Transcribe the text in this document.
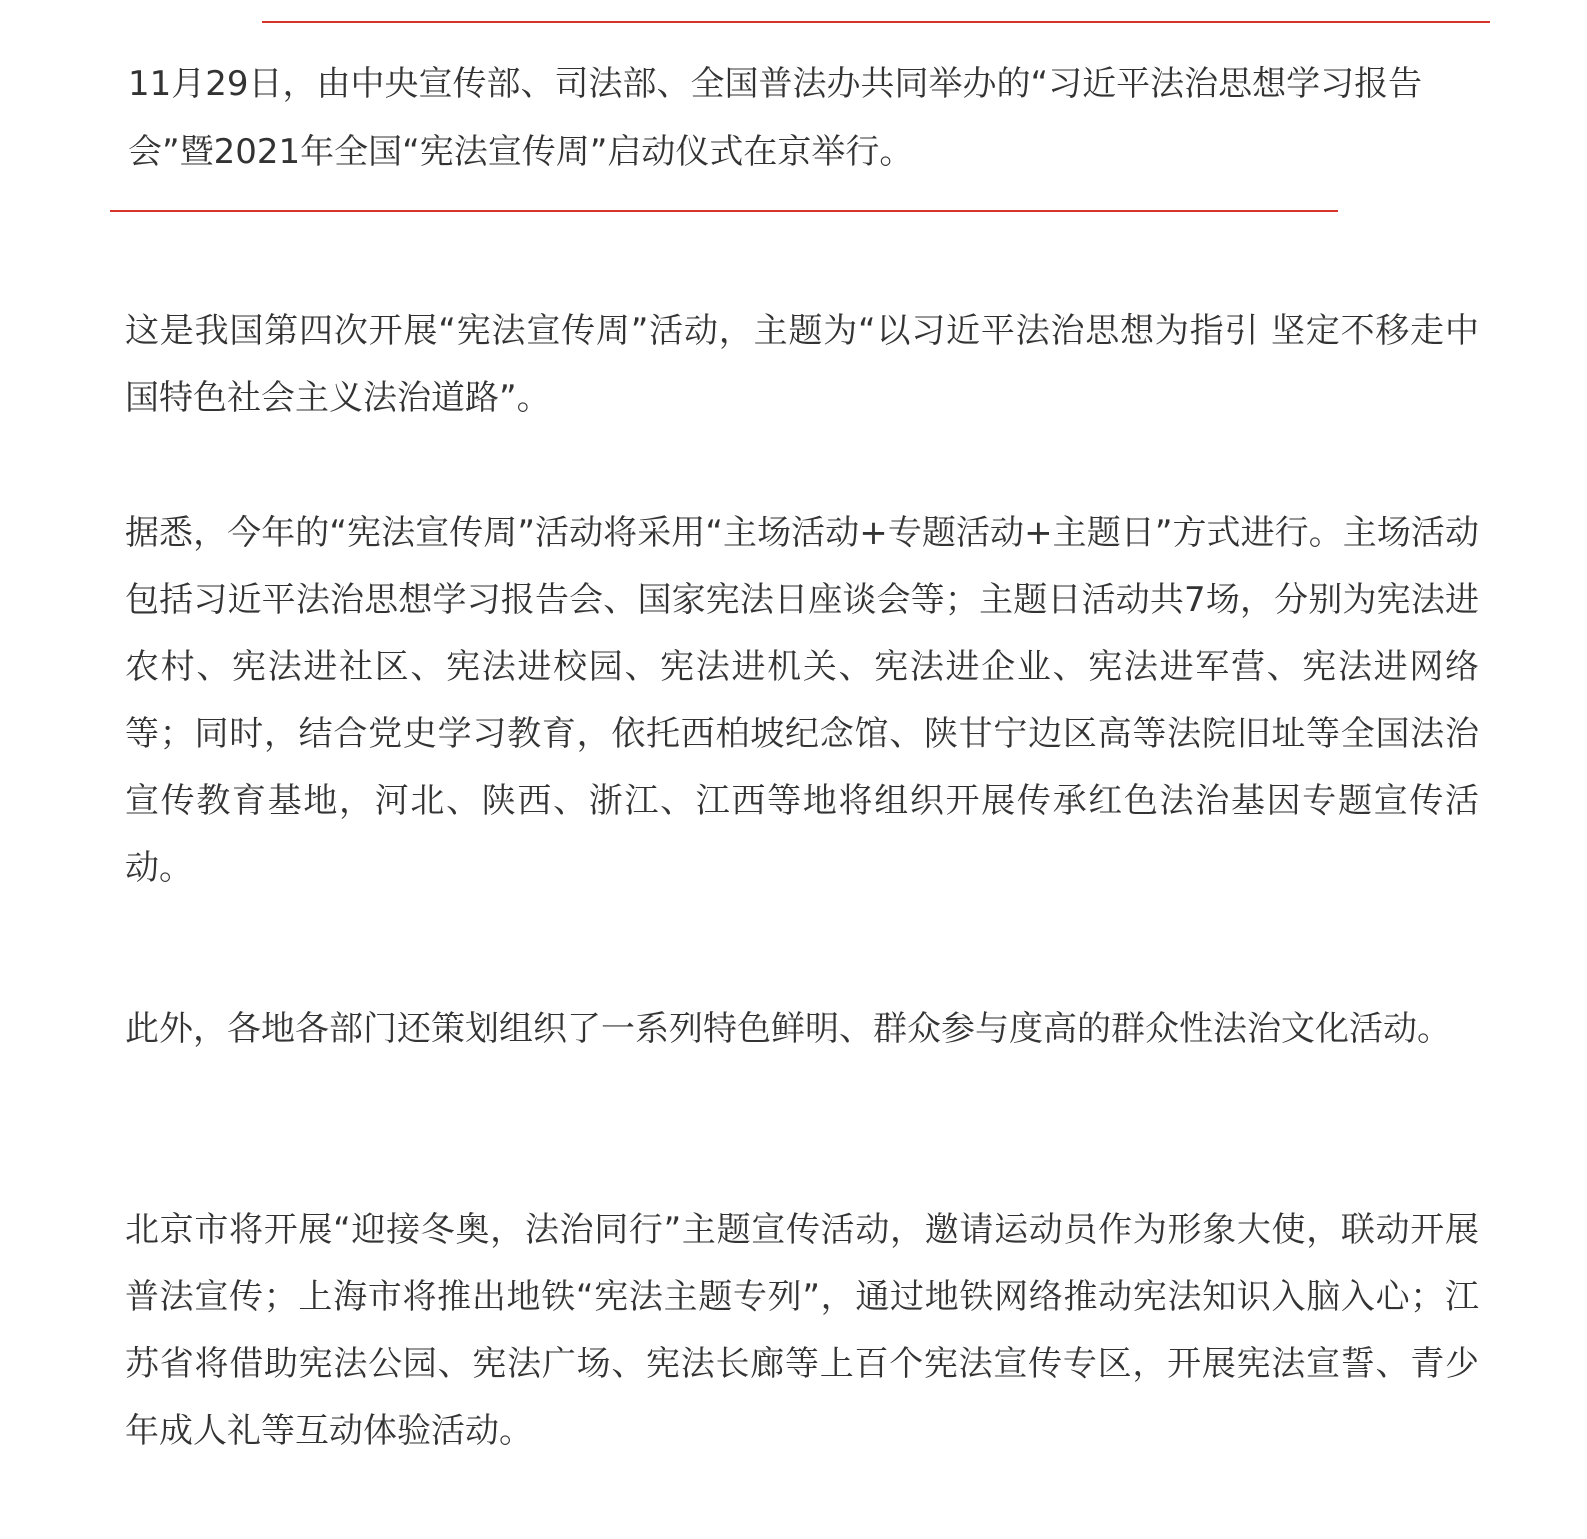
11月29日，由中央宣传部、司法部、全国普法办共同举办的“习近平法治思想学习报告会”暨2021年全国“宪法宣传周”启动仪式在京举行。

这是我国第四次开展“宪法宣传周”活动，主题为“以习近平法治思想为指引 坚定不移走中国特色社会主义法治道路”。

据悉，今年的“宪法宣传周”活动将采用“主场活动+专题活动+主题日”方式进行。主场活动包括习近平法治思想学习报告会、国家宪法日座谈会等；主题日活动共7场，分别为宪法进农村、宪法进社区、宪法进校园、宪法进机关、宪法进企业、宪法进军营、宪法进网络等；同时，结合党史学习教育，依托西柏坡纪念馆、陕甘宁边区高等法院旧址等全国法治宣传教育基地，河北、陕西、浙江、江西等地将组织开展传承红色法治基因专题宣传活动。

此外，各地各部门还策划组织了一系列特色鲜明、群众参与度高的群众性法治文化活动。

北京市将开展“迎接冬奥，法治同行”主题宣传活动，邀请运动员作为形象大使，联动开展普法宣传；上海市将推出地铁“宪法主题专列”，通过地铁网络推动宪法知识入脑入心；江苏省将借助宪法公园、宪法广场、宪法长廊等上百个宪法宣传专区，开展宪法宣誓、青少年成人礼等互动体验活动。
